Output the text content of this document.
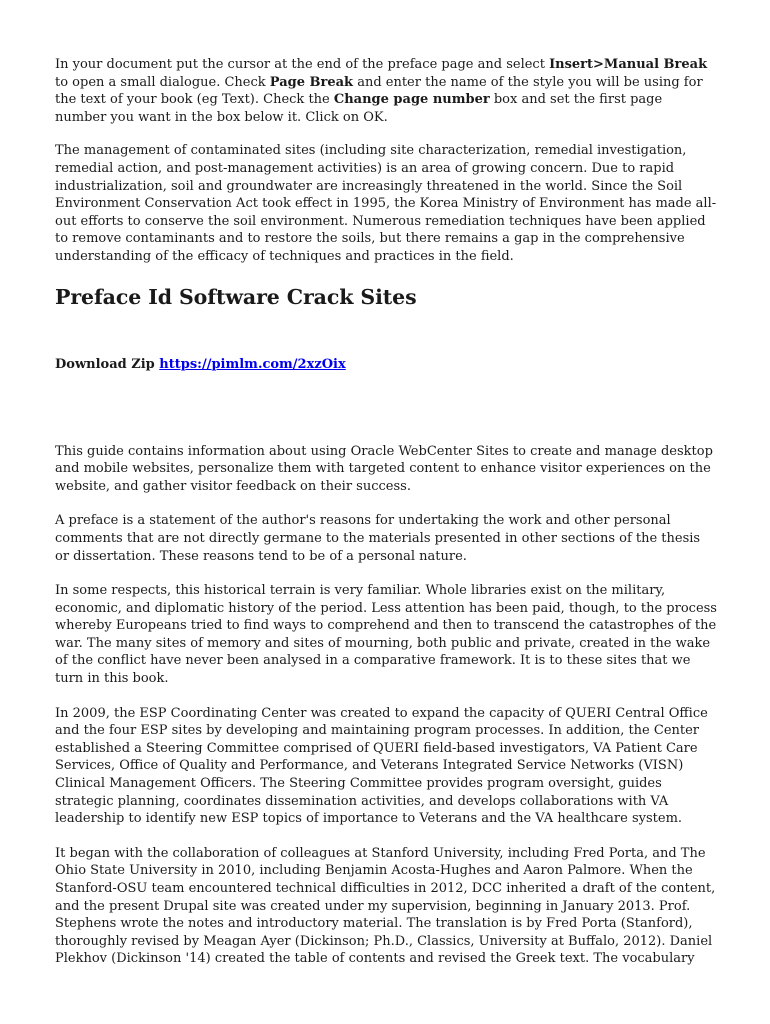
In your document put the cursor at the end of the preface page and select Insert>Manual Break to open a small dialogue. Check Page Break and enter the name of the style you will be using for the text of your book (eg Text). Check the Change page number box and set the first page number you want in the box below it. Click on OK.

The management of contaminated sites (including site characterization, remedial investigation, remedial action, and post-management activities) is an area of growing concern. Due to rapid industrialization, soil and groundwater are increasingly threatened in the world. Since the Soil Environment Conservation Act took effect in 1995, the Korea Ministry of Environment has made all-out efforts to conserve the soil environment. Numerous remediation techniques have been applied to remove contaminants and to restore the soils, but there remains a gap in the comprehensive understanding of the efficacy of techniques and practices in the field.

Preface Id Software Crack Sites
Download Zip https://pimlm.com/2xzOix

This guide contains information about using Oracle WebCenter Sites to create and manage desktop and mobile websites, personalize them with targeted content to enhance visitor experiences on the website, and gather visitor feedback on their success.

A preface is a statement of the author's reasons for undertaking the work and other personal comments that are not directly germane to the materials presented in other sections of the thesis or dissertation. These reasons tend to be of a personal nature.

In some respects, this historical terrain is very familiar. Whole libraries exist on the military, economic, and diplomatic history of the period. Less attention has been paid, though, to the process whereby Europeans tried to find ways to comprehend and then to transcend the catastrophes of the war. The many sites of memory and sites of mourning, both public and private, created in the wake of the conflict have never been analysed in a comparative framework. It is to these sites that we turn in this book.

In 2009, the ESP Coordinating Center was created to expand the capacity of QUERI Central Office and the four ESP sites by developing and maintaining program processes. In addition, the Center established a Steering Committee comprised of QUERI field-based investigators, VA Patient Care Services, Office of Quality and Performance, and Veterans Integrated Service Networks (VISN) Clinical Management Officers. The Steering Committee provides program oversight, guides strategic planning, coordinates dissemination activities, and develops collaborations with VA leadership to identify new ESP topics of importance to Veterans and the VA healthcare system.

It began with the collaboration of colleagues at Stanford University, including Fred Porta, and The Ohio State University in 2010, including Benjamin Acosta-Hughes and Aaron Palmore. When the Stanford-OSU team encountered technical difficulties in 2012, DCC inherited a draft of the content, and the present Drupal site was created under my supervision, beginning in January 2013. Prof. Stephens wrote the notes and introductory material. The translation is by Fred Porta (Stanford), thoroughly revised by Meagan Ayer (Dickinson; Ph.D., Classics, University at Buffalo, 2012). Daniel Plekhov (Dickinson '14) created the table of contents and revised the Greek text. The vocabulary
